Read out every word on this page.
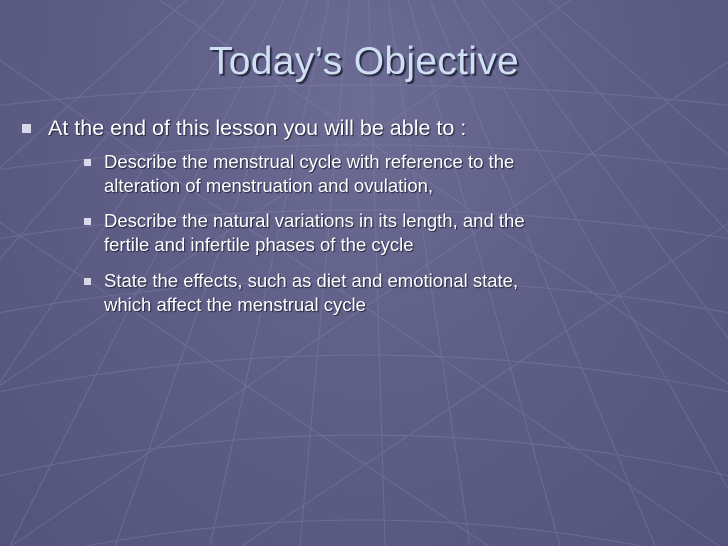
Today’s Objective
At the end of this lesson you will be able to :
Describe the menstrual cycle with reference to the
alteration of menstruation and ovulation,
Describe the natural variations in its length, and the
fertile and infertile phases of the cycle
State the effects, such as diet and emotional state,
which affect the menstrual cycle
